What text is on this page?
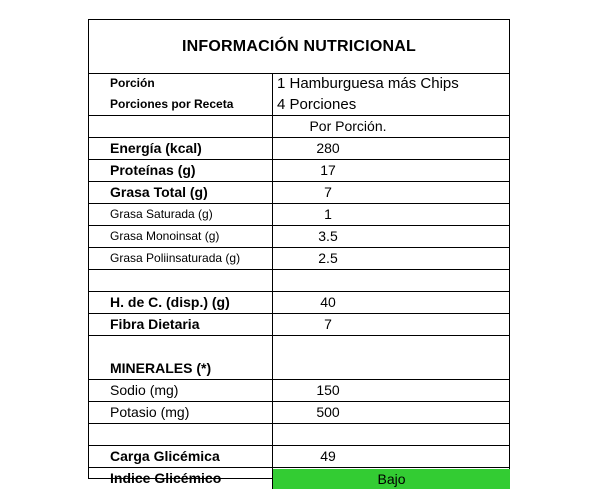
INFORMACIÓN NUTRICIONAL
Porción	1 Hamburguesa más Chips
Porciones por Receta	4 Porciones
Por Porción.
Energía (kcal)	280
Proteínas (g)	17
Grasa Total (g)	7
Grasa Saturada (g)	1
Grasa Monoinsat (g)	3.5
Grasa Poliinsaturada (g)	2.5
H. de C. (disp.) (g)	40
Fibra Dietaria	7
MINERALES (*)
Sodio (mg)	150
Potasio (mg)	500
Carga Glicémica	49
Indice Glicémico	Bajo
